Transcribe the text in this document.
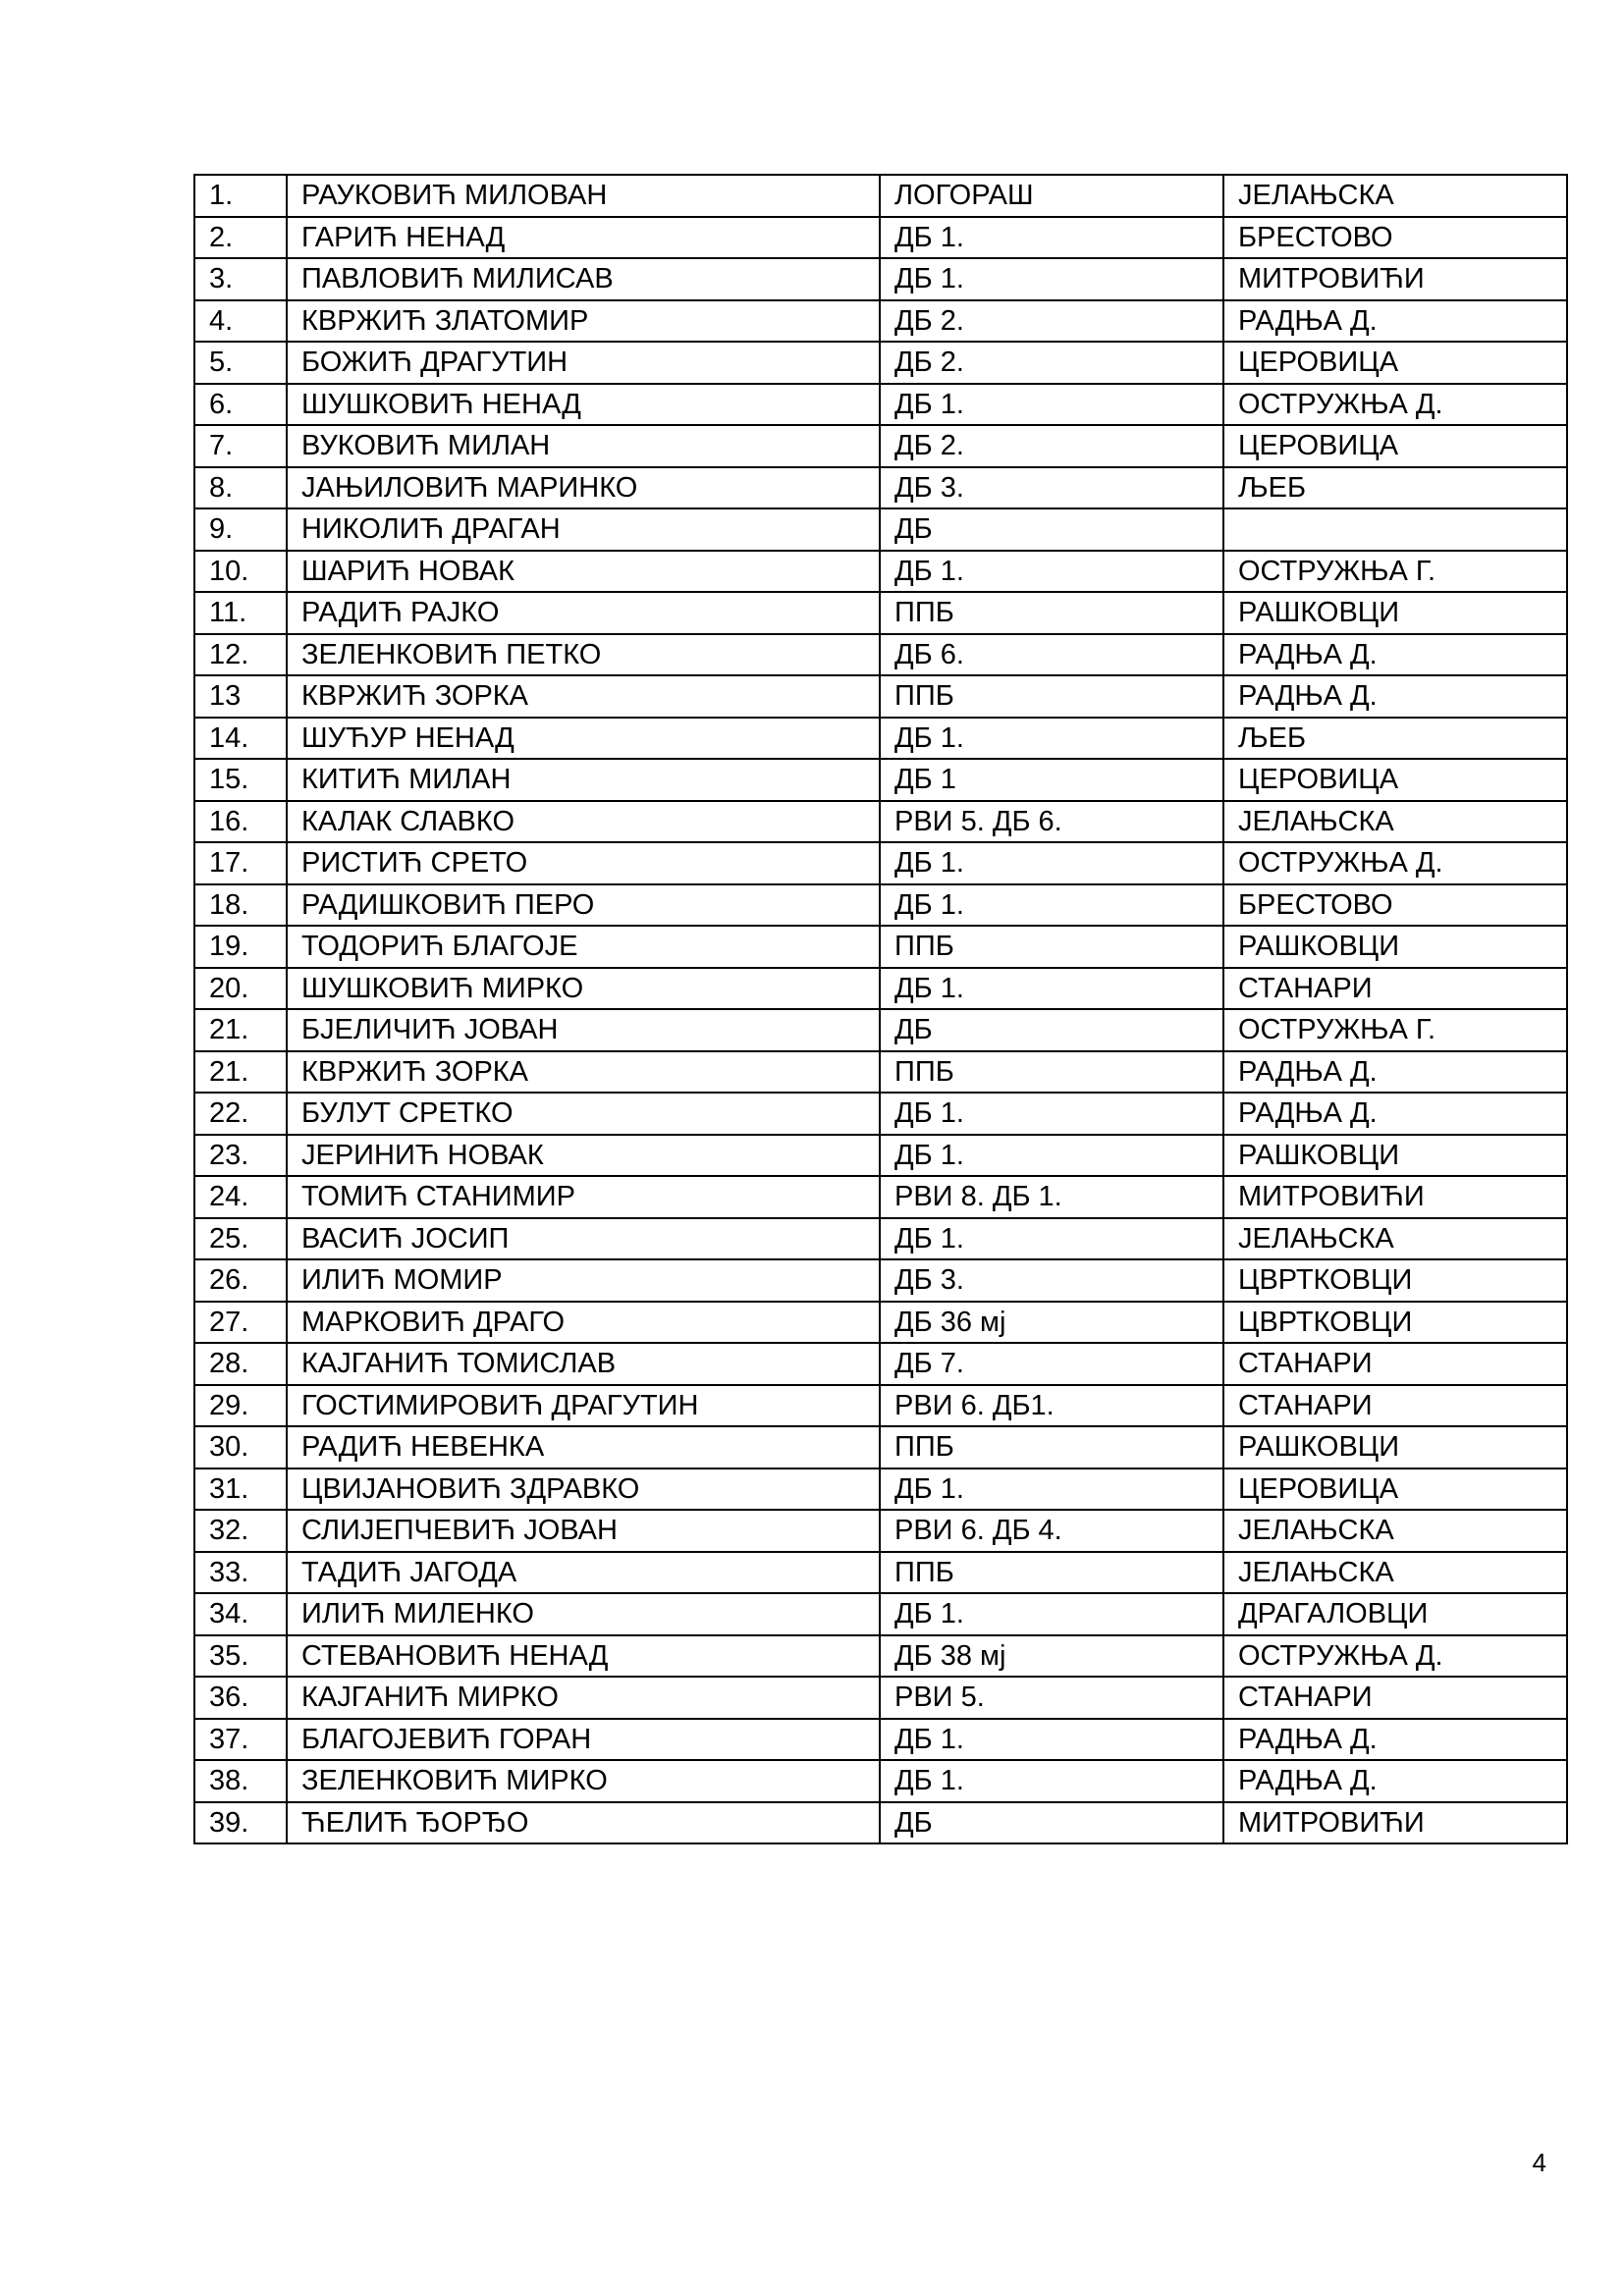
1.	РАУКОВИЋ МИЛОВАН	ЛОГОРАШ	ЈЕЛАЊСКА
2.	ГАРИЋ НЕНАД	ДБ 1.	БРЕСТОВО
3.	ПАВЛОВИЋ МИЛИСАВ	ДБ 1.	МИТРОВИЋИ
4.	КВРЖИЋ ЗЛАТОМИР	ДБ 2.	РАДЊА Д.
5.	БОЖИЋ ДРАГУТИН	ДБ 2.	ЦЕРОВИЦА
6.	ШУШКОВИЋ НЕНАД	ДБ 1.	ОСТРУЖЊА Д.
7.	ВУКОВИЋ МИЛАН	ДБ 2.	ЦЕРОВИЦА
8.	ЈАЊИЛОВИЋ МАРИНКО	ДБ 3.	ЉЕБ
9.	НИКОЛИЋ ДРАГАН	ДБ	
10.	ШАРИЋ НОВАК	ДБ 1.	ОСТРУЖЊА Г.
11.	РАДИЋ РАЈКО	ППБ	РАШКОВЦИ
12.	ЗЕЛЕНКОВИЋ ПЕТКО	ДБ 6.	РАДЊА Д.
13	КВРЖИЋ ЗОРКА	ППБ	РАДЊА Д.
14.	ШУЋУР НЕНАД	ДБ 1.	ЉЕБ
15.	КИТИЋ МИЛАН	ДБ 1	ЦЕРОВИЦА
16.	КАЛАК СЛАВКО	РВИ 5. ДБ 6.	ЈЕЛАЊСКА
17.	РИСТИЋ СРЕТО	ДБ 1.	ОСТРУЖЊА Д.
18.	РАДИШКОВИЋ ПЕРО	ДБ 1.	БРЕСТОВО
19.	ТОДОРИЋ БЛАГОЈЕ	ППБ	РАШКОВЦИ
20.	ШУШКОВИЋ МИРКО	ДБ 1.	СТАНАРИ
21.	БЈЕЛИЧИЋ ЈОВАН	ДБ	ОСТРУЖЊА Г.
21.	КВРЖИЋ ЗОРКА	ППБ	РАДЊА Д.
22.	БУЛУТ СРЕТКО	ДБ 1.	РАДЊА Д.
23.	ЈЕРИНИЋ НОВАК	ДБ 1.	РАШКОВЦИ
24.	ТОМИЋ СТАНИМИР	РВИ 8. ДБ 1.	МИТРОВИЋИ
25.	ВАСИЋ ЈОСИП	ДБ 1.	ЈЕЛАЊСКА
26.	ИЛИЋ МОМИР	ДБ 3.	ЦВРТКОВЦИ
27.	МАРКОВИЋ ДРАГО	ДБ 36 мј	ЦВРТКОВЦИ
28.	КАЈГАНИЋ ТОМИСЛАВ	ДБ 7.	СТАНАРИ
29.	ГОСТИМИРОВИЋ ДРАГУТИН	РВИ 6. ДБ1.	СТАНАРИ
30.	РАДИЋ НЕВЕНКА	ППБ	РАШКОВЦИ
31.	ЦВИЈАНОВИЋ ЗДРАВКО	ДБ 1.	ЦЕРОВИЦА
32.	СЛИЈЕПЧЕВИЋ ЈОВАН	РВИ 6. ДБ 4.	ЈЕЛАЊСКА
33.	ТАДИЋ ЈАГОДА	ППБ	ЈЕЛАЊСКА
34.	ИЛИЋ МИЛЕНКО	ДБ 1.	ДРАГАЛОВЦИ
35.	СТЕВАНОВИЋ НЕНАД	ДБ 38 мј	ОСТРУЖЊА Д.
36.	КАЈГАНИЋ МИРКО	РВИ 5.	СТАНАРИ
37.	БЛАГОЈЕВИЋ ГОРАН	ДБ 1.	РАДЊА Д.
38.	ЗЕЛЕНКОВИЋ МИРКО	ДБ 1.	РАДЊА Д.
39.	ЋЕЛИЋ ЂОРЂО	ДБ	МИТРОВИЋИ
4
